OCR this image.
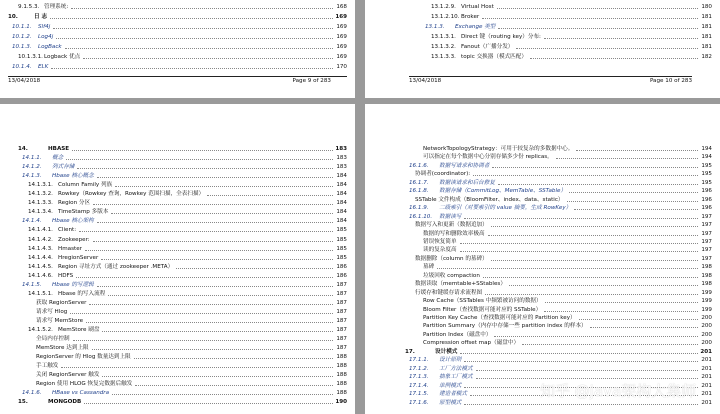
9.1.5.3. 管理系统:	168
10.	日 志	169
10.1.1. Slf4j	169
10.1.2. Log4j	169
10.1.3. LogBack	169
10.1.3.1. Logback 优点	169
10.1.4. ELK	170
13/04/2018	Page 9 of 283
13.1.2.9. Virtual Host	180
13.1.2.10. Broker	181
13.1.3. Exchange 类型	181
13.1.3.1. Direct 键（routing key）分布:	181
13.1.3.2. Fanout（广播分发）	181
13.1.3.3. topic 交换器（模式匹配）	182
13/04/2018	Page 10 of 283
14.	HBASE	183
14.1.1. 概念	183
14.1.2. 列式存储	183
14.1.3. Hbase 核心概念	184
14.1.3.1. Column Family 列族	184
14.1.3.2. Rowkey（Rowkey 查询，Rowkey 范围扫描，全表扫描）	184
14.1.3.3. Region 分区	184
14.1.3.4. TimeStamp 多版本	184
14.1.4. Hbase 核心架构	184
14.1.4.1. Client:	185
14.1.4.2. Zookeeper:	185
14.1.4.3. Hmaster	185
14.1.4.4. HregionServer	185
14.1.4.5. Region 寻址方式（通过 zookeeper .META）	186
14.1.4.6. HDFS	186
14.1.5. Hbase 的写逻辑	187
14.1.5.1. Hbase 的写入流程	187
获取 RegionServer	187
请求写 Hlog	187
请求写 MemStore	187
14.1.5.2. MemStore 刷盘	187
全局内存控制	187
MemStore 达到上限	187
RegionServer 的 Hlog 数量达到上限	188
手工触发	188
关闭 RegionServer 触发	188
Region 使用 HLOG 恢复完数据后触发	188
14.1.6. HBase vs Cassandra	188
15.	MONGODB	190
NetworkTopologyStrategy：可用于较复杂的多数据中心。	194
可以指定在每个数据中心分别存储多少份 replicas。	194
16.1.6. 数据写请求和协调者	195
协调者(coordinator):	195
16.1.7. 数据读请求和后台修复	195
16.1.8. 数据存储（CommitLog、MemTable、SSTable）	196
SSTable 文件构成（BloomFilter、index、data、static）	196
16.1.9. 二级索引（对要索引的 value 摘要，生成 RowKey）	196
16.1.10. 数据读写	197
数据写入和更新（数据追加）	197
数据的写和删除效率极高	197
错误恢复简单	197
读的复杂度高	197
数据删除（column 的墓碑）	197
墓碑	198
垃圾回收 compaction	198
数据读取（memtable+SStables）	198
行缓存和键缓存请求流程图	199
Row Cache（SSTables 中频繁被访问的数据）	199
Bloom Filter（查找数据可能对应的 SSTable）	199
Partition Key Cache（查找数据可能对应的 Partition key）	200
Partition Summary（内存中存储一些 partition index 的样本）	200
Partition Index（磁盘中）	200
Compression offset map（磁盘中）	200
17.	设计模式	201
17.1.1. 设计原则	201
17.1.2. 工厂方法模式	201
17.1.3. 抽象工厂模式	201
17.1.4. 单例模式	201
17.1.5. 建造者模式	201
17.1.6. 原型模式	201
知乎 @java架构大集师
